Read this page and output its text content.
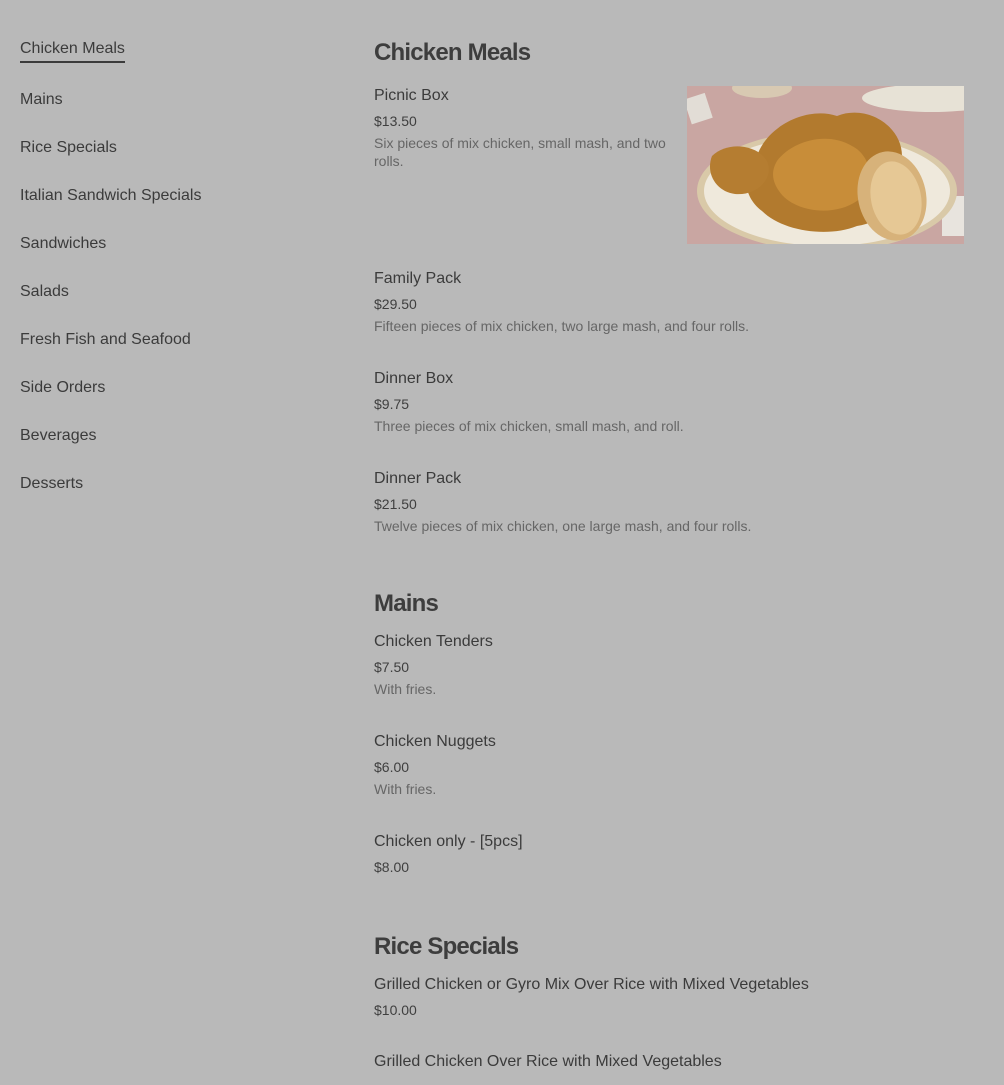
Chicken Meals
Mains
Rice Specials
Italian Sandwich Specials
Sandwiches
Salads
Fresh Fish and Seafood
Side Orders
Beverages
Desserts
Chicken Meals
Picnic Box
$13.50
Six pieces of mix chicken, small mash, and two rolls.
Family Pack
$29.50
Fifteen pieces of mix chicken, two large mash, and four rolls.
Dinner Box
$9.75
Three pieces of mix chicken, small mash, and roll.
Dinner Pack
$21.50
Twelve pieces of mix chicken, one large mash, and four rolls.
Mains
Chicken Tenders
$7.50
With fries.
Chicken Nuggets
$6.00
With fries.
Chicken only - [5pcs]
$8.00
Rice Specials
Grilled Chicken or Gyro Mix Over Rice with Mixed Vegetables
$10.00
Grilled Chicken Over Rice with Mixed Vegetables
